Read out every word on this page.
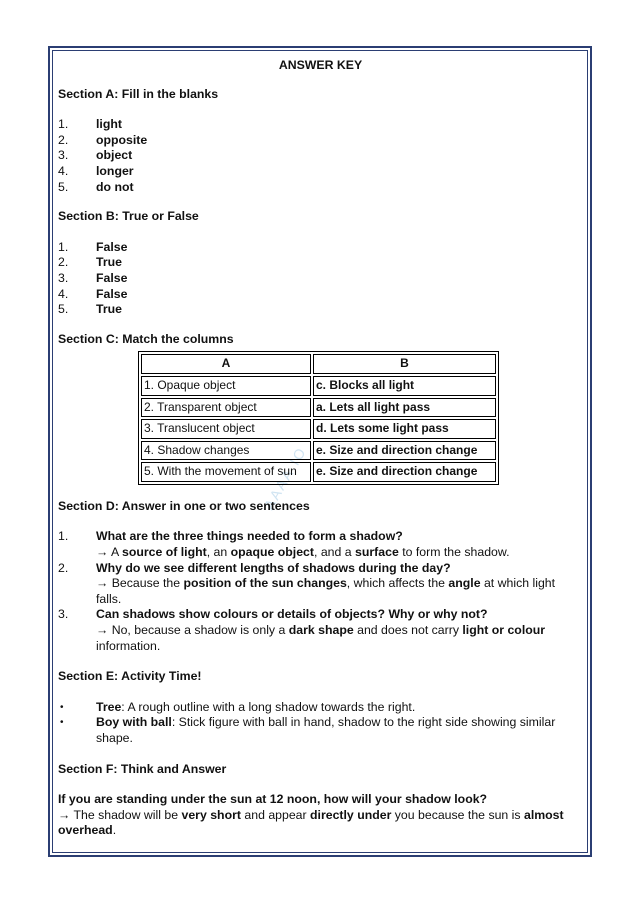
AAAA.IO
ANSWER KEY
Section A: Fill in the blanks
1.	light
2.	opposite
3.	object
4.	longer
5.	do not
Section B: True or False
1.	False
2.	True
3.	False
4.	False
5.	True
Section C: Match the columns
A	B
1. Opaque object	c. Blocks all light
2. Transparent object	a. Lets all light pass
3. Translucent object	d. Lets some light pass
4. Shadow changes	e. Size and direction change
5. With the movement of sun	e. Size and direction change
Section D: Answer in one or two sentences
1.	What are the three things needed to form a shadow?
→ A source of light, an opaque object, and a surface to form the shadow.
2.	Why do we see different lengths of shadows during the day?
→ Because the position of the sun changes, which affects the angle at which light falls.
3.	Can shadows show colours or details of objects? Why or why not?
→ No, because a shadow is only a dark shape and does not carry light or colour information.
Section E: Activity Time!
•	Tree: A rough outline with a long shadow towards the right.
•	Boy with ball: Stick figure with ball in hand, shadow to the right side showing similar shape.
Section F: Think and Answer
If you are standing under the sun at 12 noon, how will your shadow look?
→ The shadow will be very short and appear directly under you because the sun is almost overhead.
